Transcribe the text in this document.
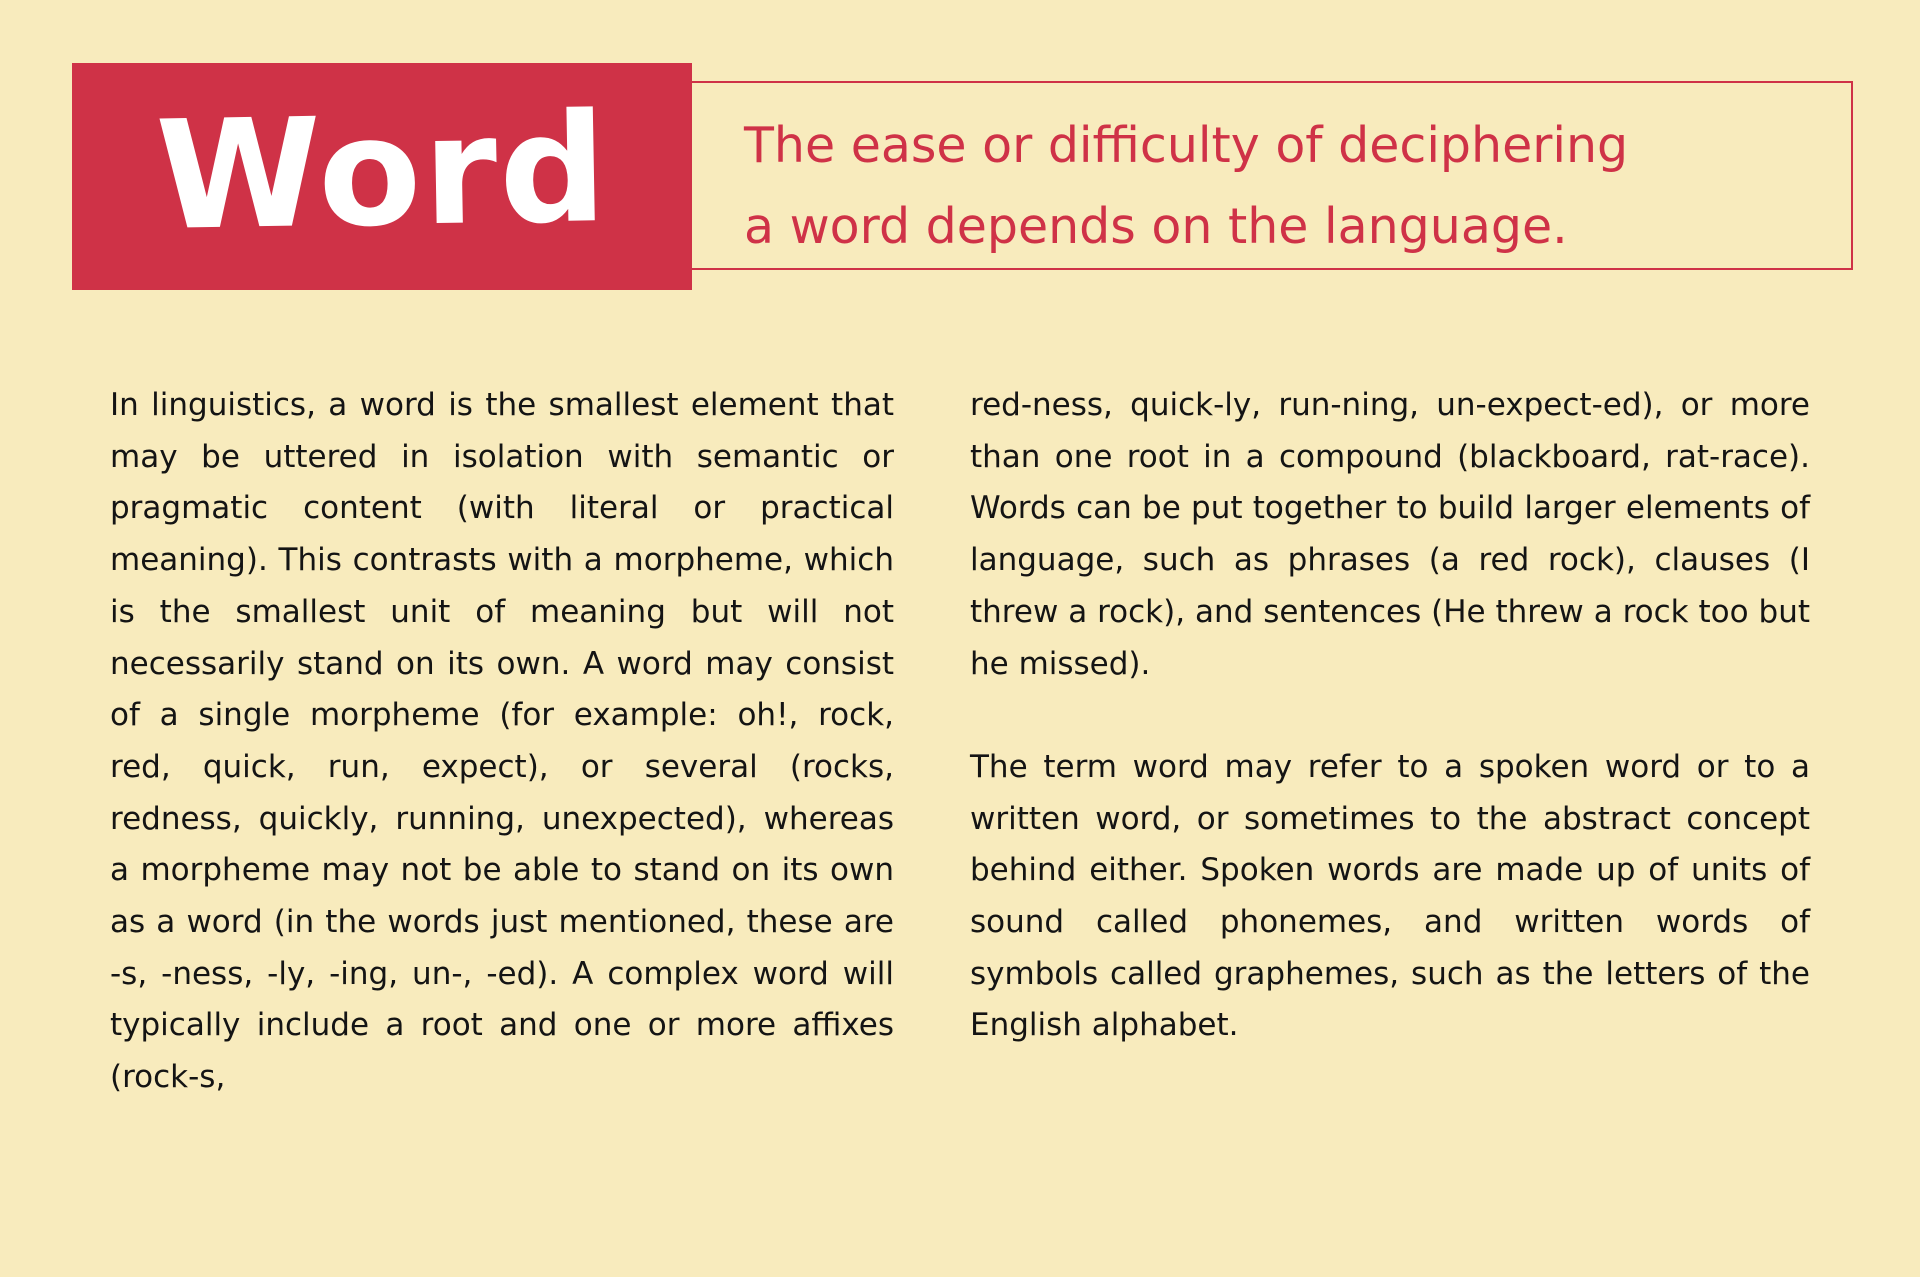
Word	The ease or difficulty of deciphering
a word depends on the language.

In linguistics, a word is the smallest element that may be uttered in isolation with semantic or pragmatic content (with literal or practical meaning). This contrasts with a morpheme, which is the smallest unit of meaning but will not necessarily stand on its own. A word may consist of a single morpheme (for example: oh!, rock, red, quick, run, expect), or several (rocks, redness, quickly, running, unexpected), whereas a morpheme may not be able to stand on its own as a word (in the words just mentioned, these are -s, -ness, -ly, -ing, un-, -ed). A complex word will typically include a root and one or more affixes (rock-s,

red-ness, quick-ly, run-ning, un-expect-ed), or more than one root in a compound (blackboard, rat-race). Words can be put together to build larger elements of language, such as phrases (a red rock), clauses (I threw a rock), and sentences (He threw a rock too but he missed).

The term word may refer to a spoken word or to a written word, or sometimes to the abstract concept behind either. Spoken words are made up of units of sound called phonemes, and written words of symbols called graphemes, such as the letters of the English alphabet.
